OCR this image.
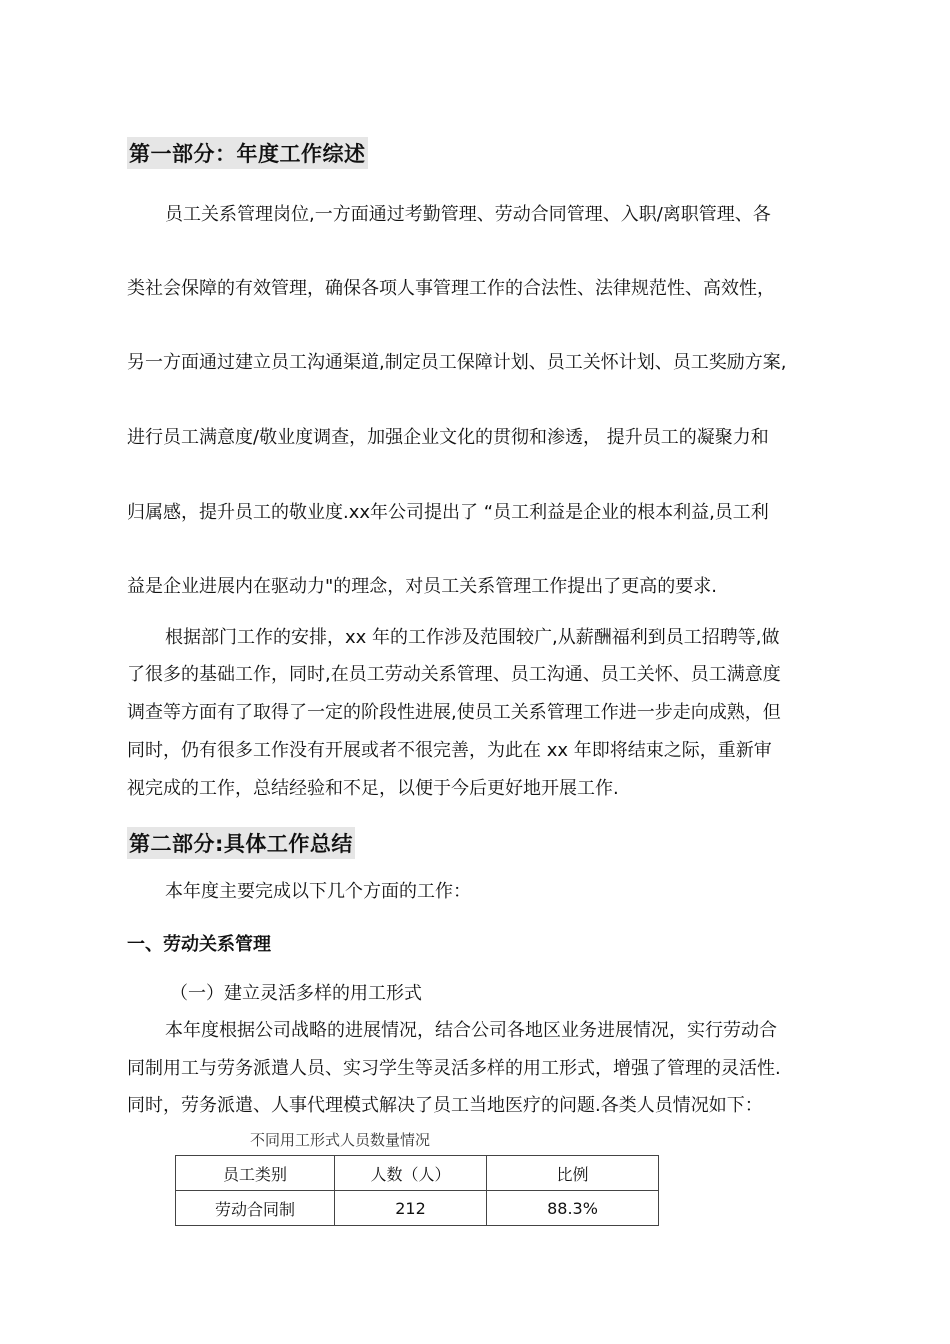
第一部分：年度工作综述
员工关系管理岗位,一方面通过考勤管理、劳动合同管理、入职/离职管理、各
类社会保障的有效管理，确保各项人事管理工作的合法性、法律规范性、高效性，
另一方面通过建立员工沟通渠道,制定员工保障计划、员工关怀计划、员工奖励方案,
进行员工满意度/敬业度调查，加强企业文化的贯彻和渗透， 提升员工的凝聚力和
归属感，提升员工的敬业度.xx年公司提出了 “员工利益是企业的根本利益,员工利
益是企业进展内在驱动力"的理念，对员工关系管理工作提出了更高的要求.
根据部门工作的安排，xx 年的工作涉及范围较广,从薪酬福利到员工招聘等,做
了很多的基础工作，同时,在员工劳动关系管理、员工沟通、员工关怀、员工满意度
调查等方面有了取得了一定的阶段性进展,使员工关系管理工作进一步走向成熟，但
同时，仍有很多工作没有开展或者不很完善，为此在 xx 年即将结束之际，重新审
视完成的工作，总结经验和不足，以便于今后更好地开展工作.
第二部分:具体工作总结
本年度主要完成以下几个方面的工作：
一、劳动关系管理
（一）建立灵活多样的用工形式
本年度根据公司战略的进展情况，结合公司各地区业务进展情况，实行劳动合
同制用工与劳务派遣人员、实习学生等灵活多样的用工形式，增强了管理的灵活性.
同时，劳务派遣、人事代理模式解决了员工当地医疗的问题.各类人员情况如下：
不同用工形式人员数量情况
员工类别	人数（人）	比例
劳动合同制	212	88.3%
